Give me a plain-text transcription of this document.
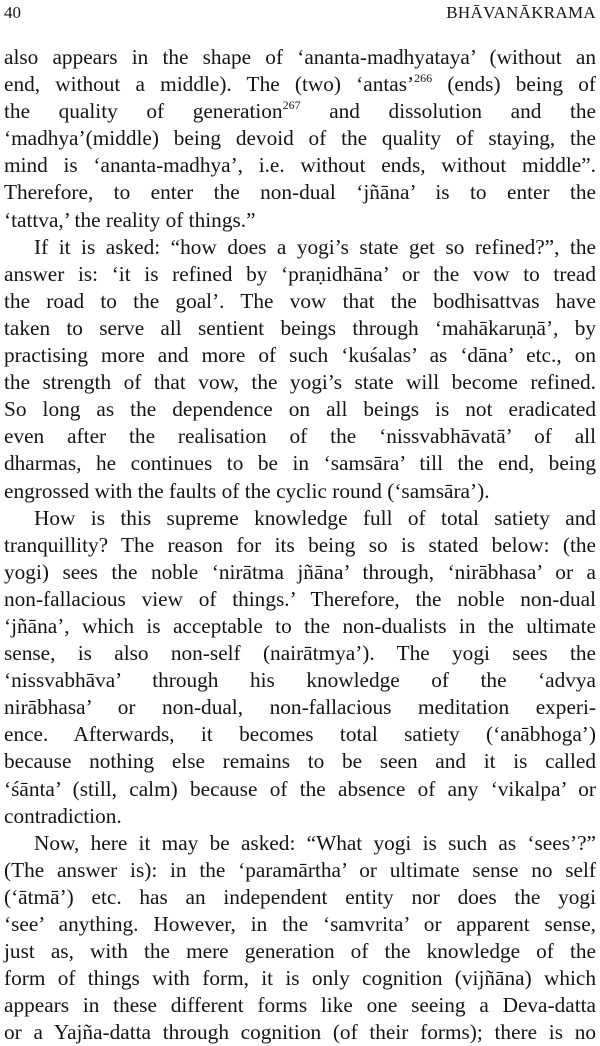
40	BHĀVANĀKRAMA
also appears in the shape of ‘ananta-madhyataya’ (without an
end, without a middle). The (two) ‘antas’$^{266}$ (ends) being of
the quality of generation$^{267}$ and dissolution and the
‘madhya’(middle) being devoid of the quality of staying, the
mind is ‘ananta-madhya’, i.e. without ends, without middle”.
Therefore, to enter the non-dual ‘jñāna’ is to enter the
‘tattva,’ the reality of things.”
If it is asked: “how does a yogi’s state get so refined?”, the
answer is: ‘it is refined by ‘praṇidhāna’ or the vow to tread
the road to the goal’. The vow that the bodhisattvas have
taken to serve all sentient beings through ‘mahākaruṇā’, by
practising more and more of such ‘kuśalas’ as ‘dāna’ etc., on
the strength of that vow, the yogi’s state will become refined.
So long as the dependence on all beings is not eradicated
even after the realisation of the ‘nissvabhāvatā’ of all
dharmas, he continues to be in ‘samsāra’ till the end, being
engrossed with the faults of the cyclic round (‘samsāra’).
How is this supreme knowledge full of total satiety and
tranquillity? The reason for its being so is stated below: (the
yogi) sees the noble ‘nirātma jñāna’ through, ‘nirābhasa’ or a
non-fallacious view of things.’ Therefore, the noble non-dual
‘jñāna’, which is acceptable to the non-dualists in the ultimate
sense, is also non-self (nairātmya’). The yogi sees the
‘nissvabhāva’ through his knowledge of the ‘advya
nirābhasa’ or non-dual, non-fallacious meditation experi-
ence. Afterwards, it becomes total satiety (‘anābhoga’)
because nothing else remains to be seen and it is called
‘śānta’ (still, calm) because of the absence of any ‘vikalpa’ or
contradiction.
Now, here it may be asked: “What yogi is such as ‘sees’?”
(The answer is): in the ‘paramārtha’ or ultimate sense no self
(‘ātmā’) etc. has an independent entity nor does the yogi
‘see’ anything. However, in the ‘samvrita’ or apparent sense,
just as, with the mere generation of the knowledge of the
form of things with form, it is only cognition (vijñāna) which
appears in these different forms like one seeing a Deva-datta
or a Yajña-datta through cognition (of their forms); there is no
